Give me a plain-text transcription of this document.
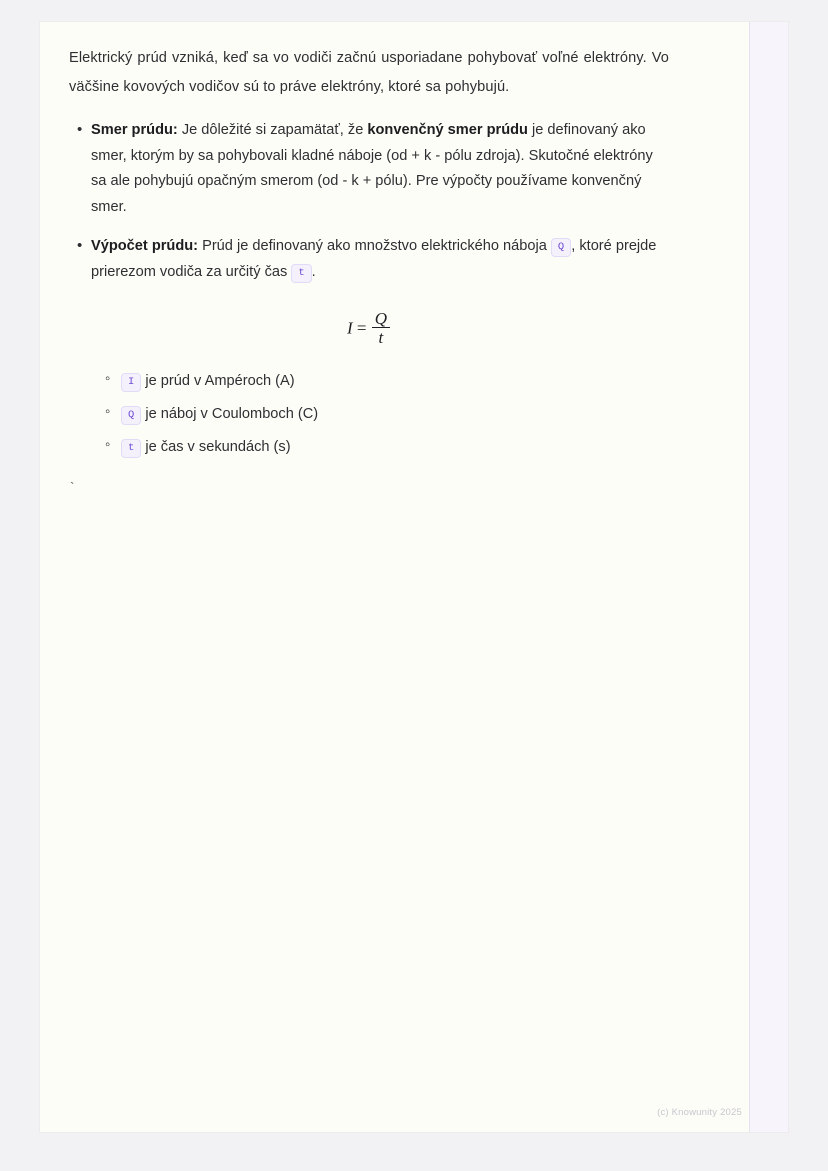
Elektrický prúd vzniká, keď sa vo vodiči začnú usporiadane pohybovať voľné elektróny. Vo väčšine kovových vodičov sú to práve elektróny, ktoré sa pohybujú.

• Smer prúdu: Je dôležité si zapamätať, že konvenčný smer prúdu je definovaný ako smer, ktorým by sa pohybovali kladné náboje (od + k - pólu zdroja). Skutočné elektróny sa ale pohybujú opačným smerom (od - k + pólu). Pre výpočty používame konvenčný smer.
• Výpočet prúdu: Prúd je definovaný ako množstvo elektrického náboja Q , ktoré prejde prierezom vodiča za určitý čas t .
$I = \frac{Q}{t}$
◦ I je prúd v Ampéroch (A)
◦ Q je náboj v Coulomboch (C)
◦ t je čas v sekundách (s)
`
(c) Knowunity 2025
